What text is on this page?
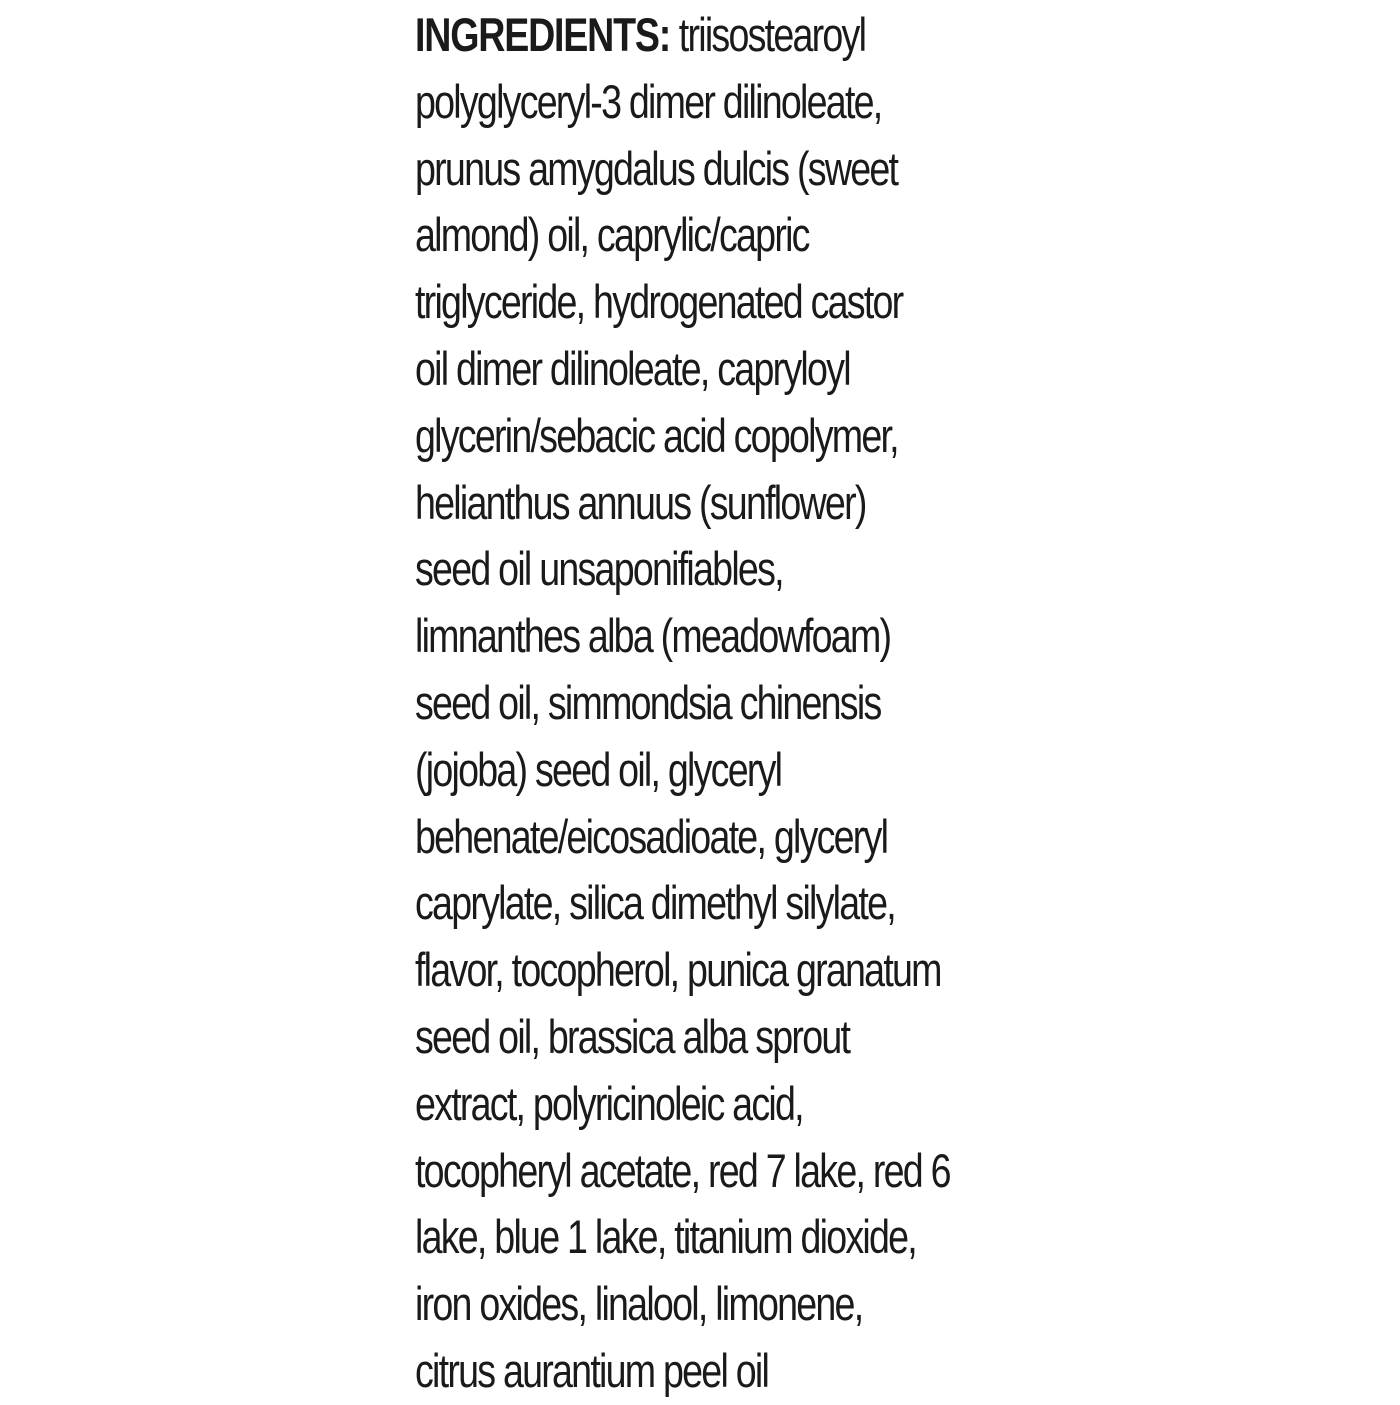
INGREDIENTS: triisostearoyl
polyglyceryl-3 dimer dilinoleate,
prunus amygdalus dulcis (sweet
almond) oil, caprylic/capric
triglyceride, hydrogenated castor
oil dimer dilinoleate, capryloyl
glycerin/sebacic acid copolymer,
helianthus annuus (sunflower)
seed oil unsaponifiables,
limnanthes alba (meadowfoam)
seed oil, simmondsia chinensis
(jojoba) seed oil, glyceryl
behenate/eicosadioate, glyceryl
caprylate, silica dimethyl silylate,
flavor, tocopherol, punica granatum
seed oil, brassica alba sprout
extract, polyricinoleic acid,
tocopheryl acetate, red 7 lake, red 6
lake, blue 1 lake, titanium dioxide,
iron oxides, linalool, limonene,
citrus aurantium peel oil
